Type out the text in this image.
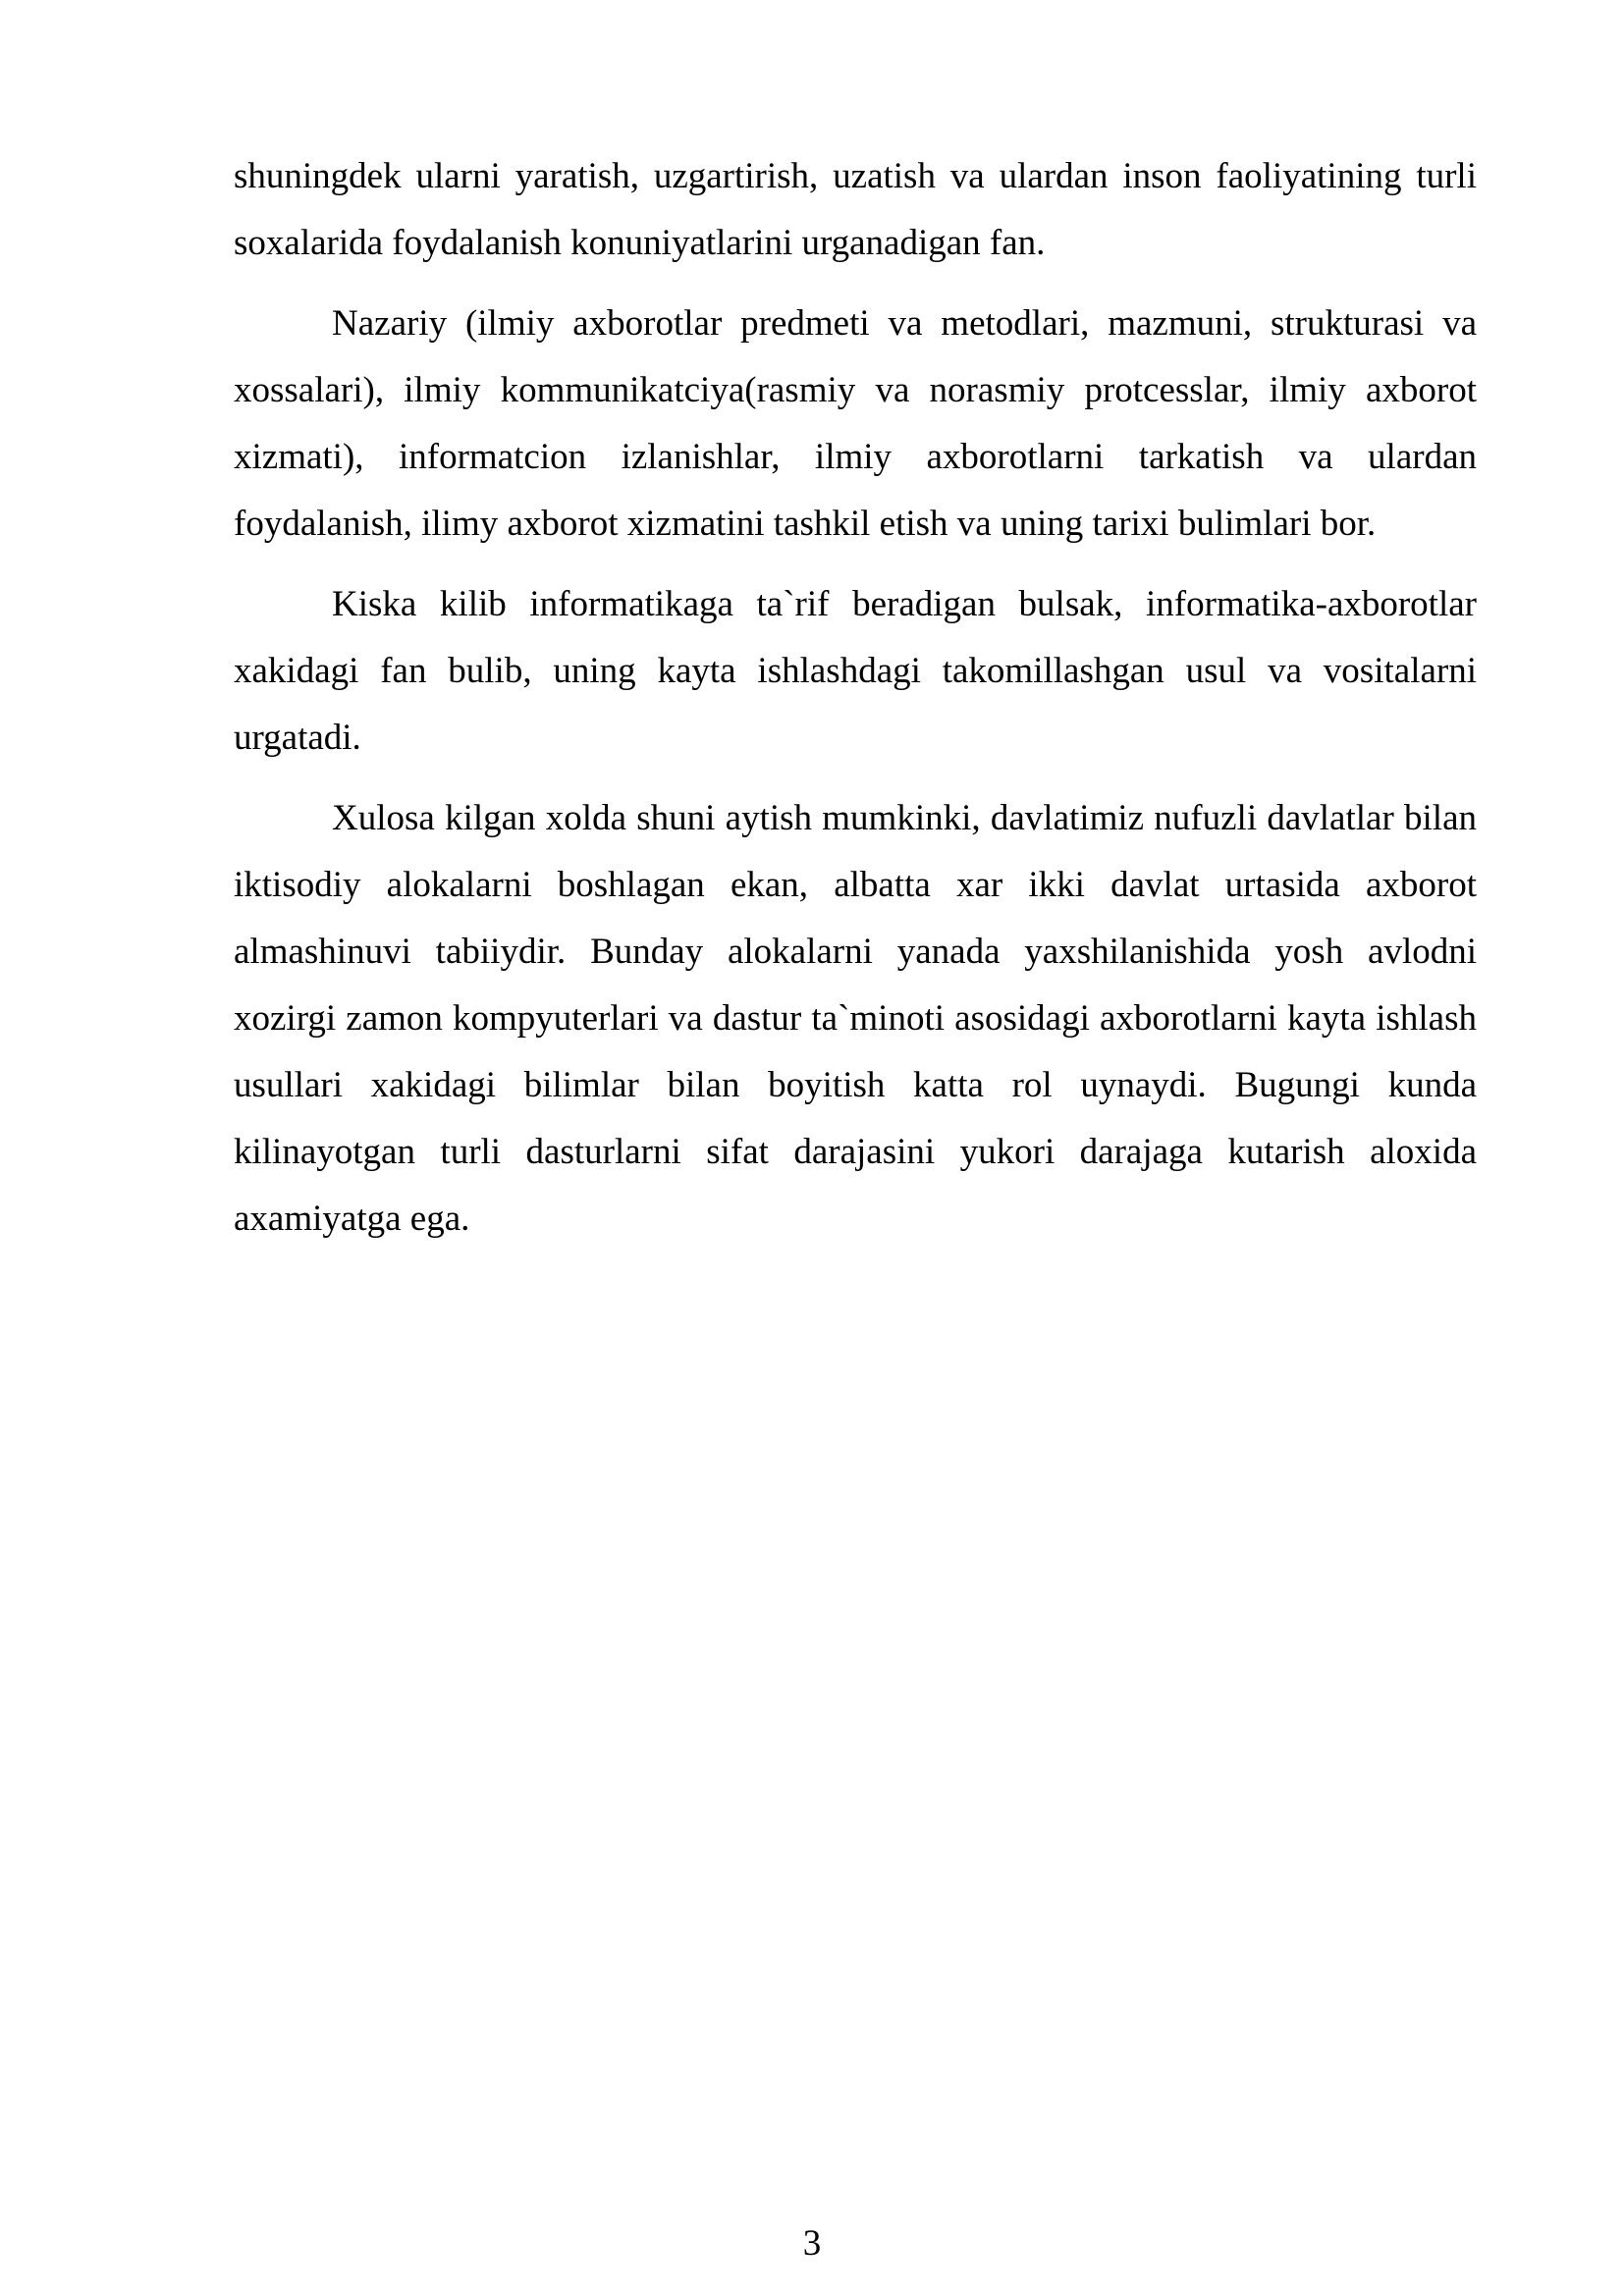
shuningdek ularni yaratish, uzgartirish, uzatish va ulardan inson faoliyatining turli soxalarida foydalanish konuniyatlarini urganadigan fan.

Nazariy (ilmiy axborotlar predmeti va metodlari, mazmuni, strukturasi va xossalari), ilmiy kommunikatciya(rasmiy va norasmiy protcesslar, ilmiy axborot xizmati), informatcion izlanishlar, ilmiy axborotlarni tarkatish va ulardan foydalanish, ilimy axborot xizmatini tashkil etish va uning tarixi bulimlari bor.

Kiska kilib informatikaga ta`rif beradigan bulsak, informatika-axborotlar xakidagi fan bulib, uning kayta ishlashdagi takomillashgan usul va vositalarni urgatadi.

Xulosa kilgan xolda shuni aytish mumkinki, davlatimiz nufuzli davlatlar bilan iktisodiy alokalarni boshlagan ekan, albatta xar ikki davlat urtasida axborot almashinuvi tabiiydir. Bunday alokalarni yanada yaxshilanishida yosh avlodni xozirgi zamon kompyuterlari va dastur ta`minoti asosidagi axborotlarni kayta ishlash usullari xakidagi bilimlar bilan boyitish katta rol uynaydi. Bugungi kunda kilinayotgan turli dasturlarni sifat darajasini yukori darajaga kutarish aloxida axamiyatga ega.

3
